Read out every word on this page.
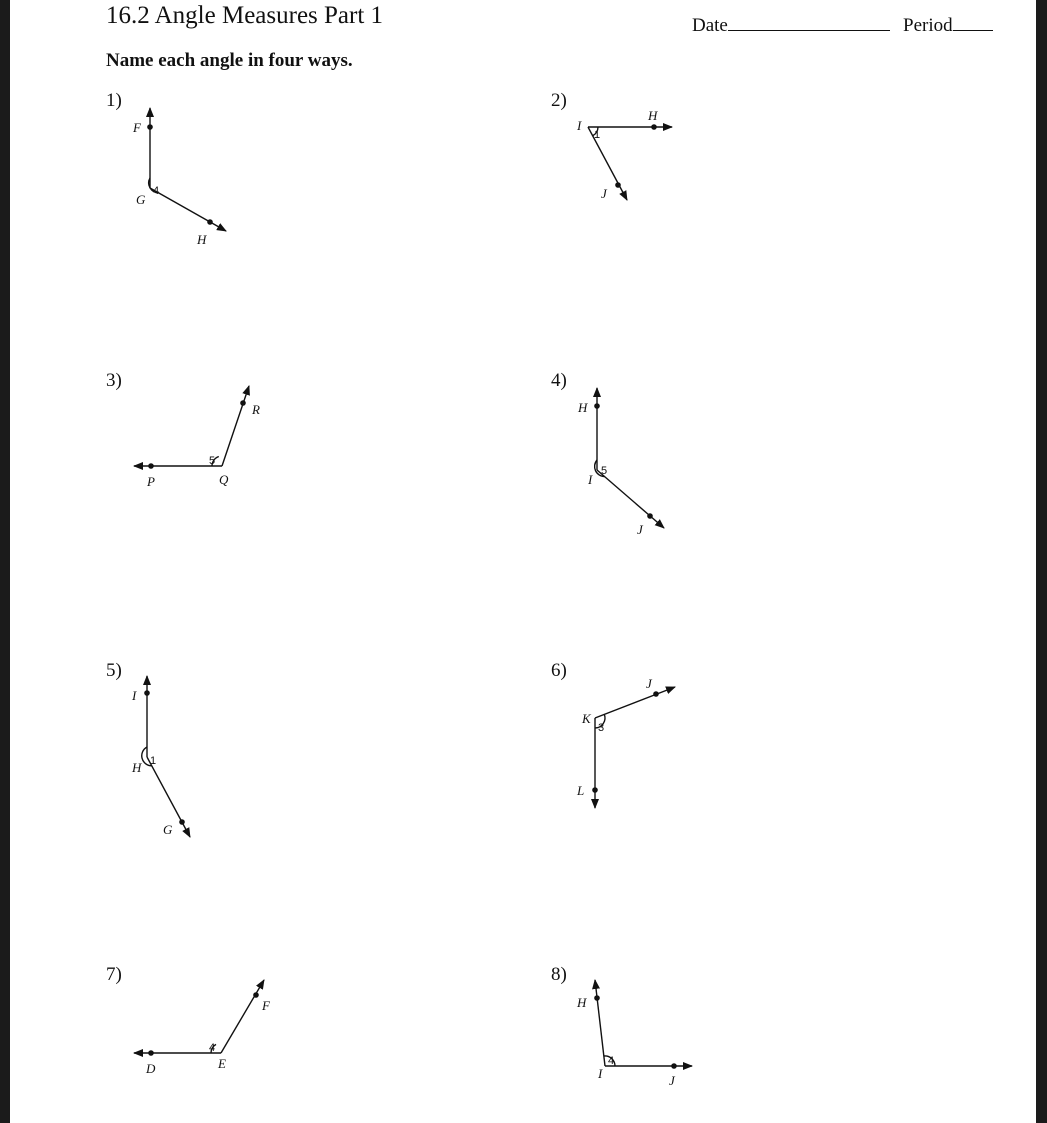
16.2 Angle Measures Part 1	Date	Period
Name each angle in four ways.
1)	2)
3)	4)
5)	6)
7)	8)
F
G
H
4
H
I
J
1
R
P	Q
5
H
I
J
5
I
H
G
1
J
K
L
3
F
D	E
4
H
I	J
4
